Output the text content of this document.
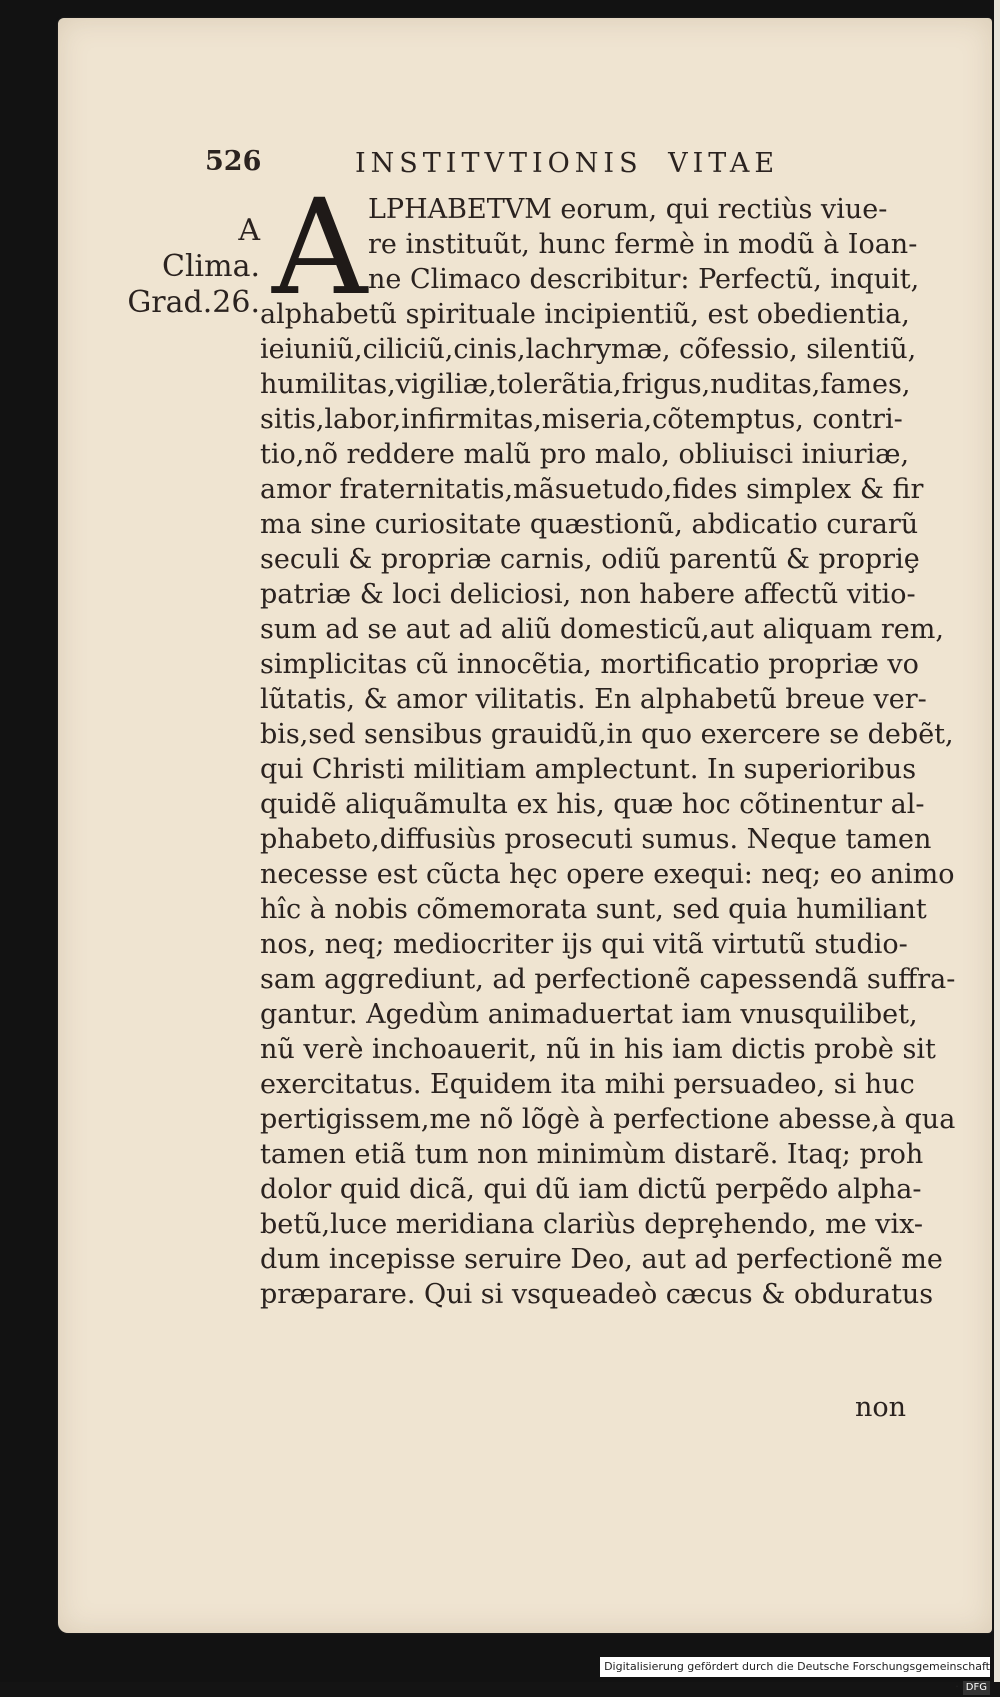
526	INSTITVTIONIS VITAE
A
Clima.
Grad.26. A LPHABETVM eorum, qui rectiùs viue-
re instituũt, hunc fermè in modũ à Ioan-
ne Climaco describitur: Perfectũ, inquit,
alphabetũ spirituale incipientiũ, est obedientia,
ieiuniũ,ciliciũ,cinis,lachrymæ, cõfessio, silentiũ,
humilitas,vigiliæ,tolerãtia,frigus,nuditas,fames,
sitis,labor,infirmitas,miseria,cõtemptus, contri-
tio,nõ reddere malũ pro malo, obliuisci iniuriæ,
amor fraternitatis,mãsuetudo,fides simplex & fir
ma sine curiositate quæstionũ, abdicatio curarũ
seculi & propriæ carnis, odiũ parentũ & propriȩ
patriæ & loci deliciosi, non habere affectũ vitio-
sum ad se aut ad aliũ domesticũ,aut aliquam rem,
simplicitas cũ innocẽtia, mortificatio propriæ vo
lũtatis, & amor vilitatis. En alphabetũ breue ver-
bis,sed sensibus grauidũ,in quo exercere se debẽt,
qui Christi militiam amplectunt. In superioribus
quidẽ aliquãmulta ex his, quæ hoc cõtinentur al-
phabeto,diffusiùs prosecuti sumus. Neque tamen
necesse est cũcta hęc opere exequi: neq; eo animo
hîc à nobis cõmemorata sunt, sed quia humiliant
nos, neq; mediocriter ijs qui vitã virtutũ studio-
sam aggrediunt, ad perfectionẽ capessendã suffra-
gantur. Agedùm animaduertat iam vnusquilibet,
nũ verè inchoauerit, nũ in his iam dictis probè sit
exercitatus. Equidem ita mihi persuadeo, si huc
pertigissem,me nõ lõgè à perfectione abesse,à qua
tamen etiã tum non minimùm distarẽ. Itaq; proh
dolor quid dicã, qui dũ iam dictũ perpẽdo alpha-
betũ,luce meridiana clariùs deprȩhendo, me vix-
dum incepisse seruire Deo, aut ad perfectionẽ me
præparare. Qui si vsqueadeò cæcus & obduratus
non
Digitalisierung gefördert durch die Deutsche Forschungsgemeinschaft · DFG
